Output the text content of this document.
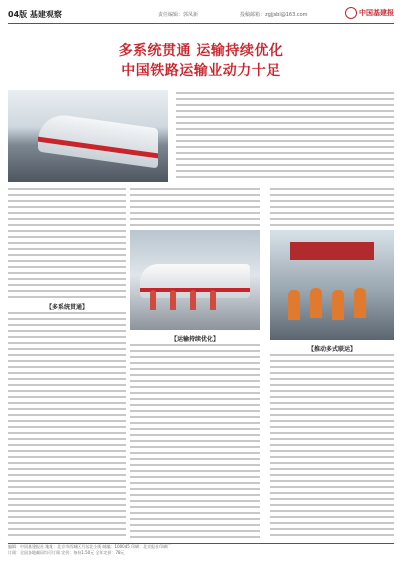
04版 基建观察	责任编辑：郭凤新	投稿邮箱：zgjjsbl@163.com	中国基建报
多系统贯通 运输持续优化
中国铁路运输业动力十足
【多系统贯通】
【运输持续优化】
【推动多式联运】
编辑：中国基建报社 地址：北京市西城区月坛北小街 邮编：100045 印刷：北京报社印刷厂
订阅：全国各地邮局均可订阅 定价：每份1.50元 全年定价：78元
